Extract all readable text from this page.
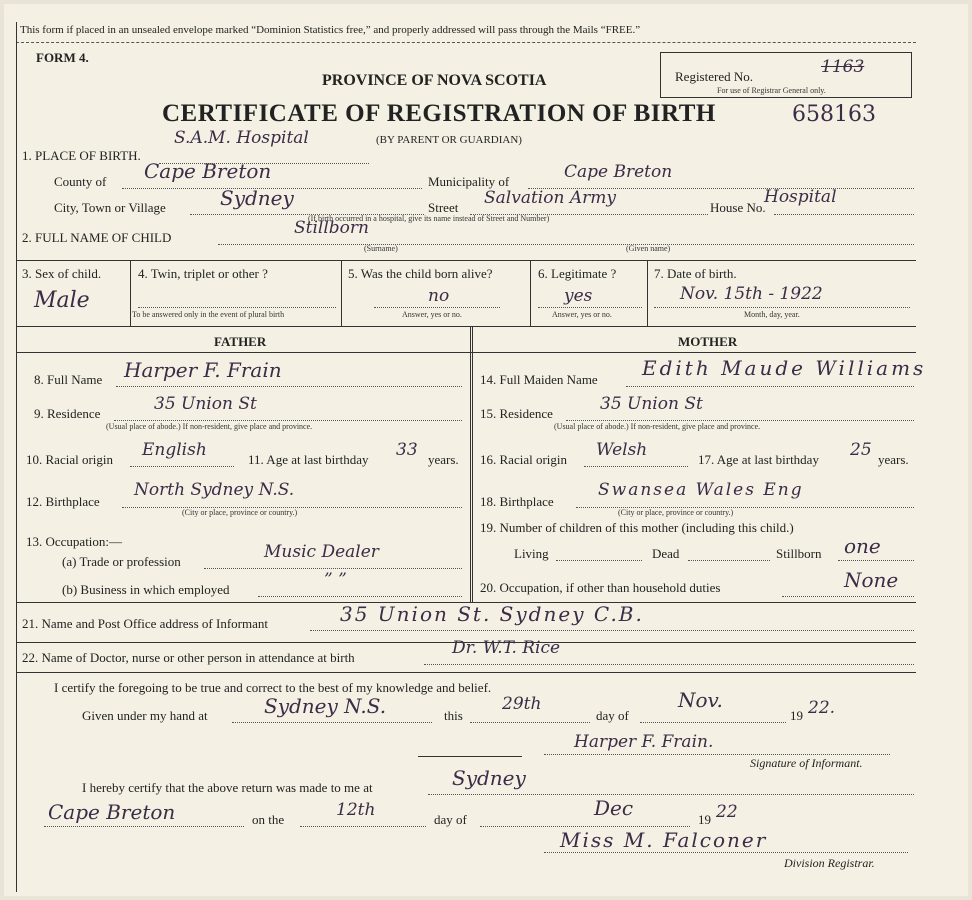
This form if placed in an unsealed envelope marked “Dominion Statistics free,” and properly addressed will pass through the Mails “FREE.”
FORM 4.
Registered No.	1163
For use of Registrar General only.
PROVINCE OF NOVA SCOTIA
CERTIFICATE OF REGISTRATION OF BIRTH	658163
(BY PARENT OR GUARDIAN)
1. PLACE OF BIRTH.
S.A.M. Hospital
County of Cape Breton	Municipality of	Cape Breton
City, Town or Village	Sydney	Street Salvation Army	House No.
Hospital
(If birth occurred in a hospital, give its name instead of Street and Number)
2. FULL NAME OF CHILD	Stillborn
(Surname)	(Given name)
3. Sex of child.
Male
4. Twin, triplet or other ?
To be answered only in the event of plural birth
5. Was the child born alive?
no
Answer, yes or no.
6. Legitimate ?
yes
Answer, yes or no.
7. Date of birth.
Nov. 15th - 1922
Month, day, year.
FATHER	MOTHER
8. Full Name Harper F. Frain
9. Residence	35 Union St
(Usual place of abode.) If non-resident, give place and province.
10. Racial origin English	11. Age at last birthday 33 years.
12. Birthplace
North Sydney N.S.
(City or place, province or country.)
13. Occupation:—
(a) Trade or profession	Music Dealer
(b) Business in which employed	” ”
14. Full Maiden Name Edith Maude Williams
15. Residence	35 Union St
(Usual place of abode.) If non-resident, give place and province.
16. Racial origin Welsh	17. Age at last birthday 25 years.
18. Birthplace
Swansea Wales Eng
(City or place, province or country.)
19. Number of children of this mother (including this child.)
Living	Dead	Stillborn one
20. Occupation, if other than household duties	None
21. Name and Post Office address of Informant	35 Union St. Sydney C.B.
22. Name of Doctor, nurse or other person in attendance at birth	Dr. W.T. Rice
I certify the foregoing to be true and correct to the best of my knowledge and belief.
Given under my hand at	Sydney N.S.	this
29th
day of
Nov.
19 22.
Harper F. Frain.
Signature of Informant.
I hereby certify that the above return was made to me at	Sydney
Cape Breton	on the	12th	day of	Dec	19 22
Miss M. Falconer
Division Registrar.
